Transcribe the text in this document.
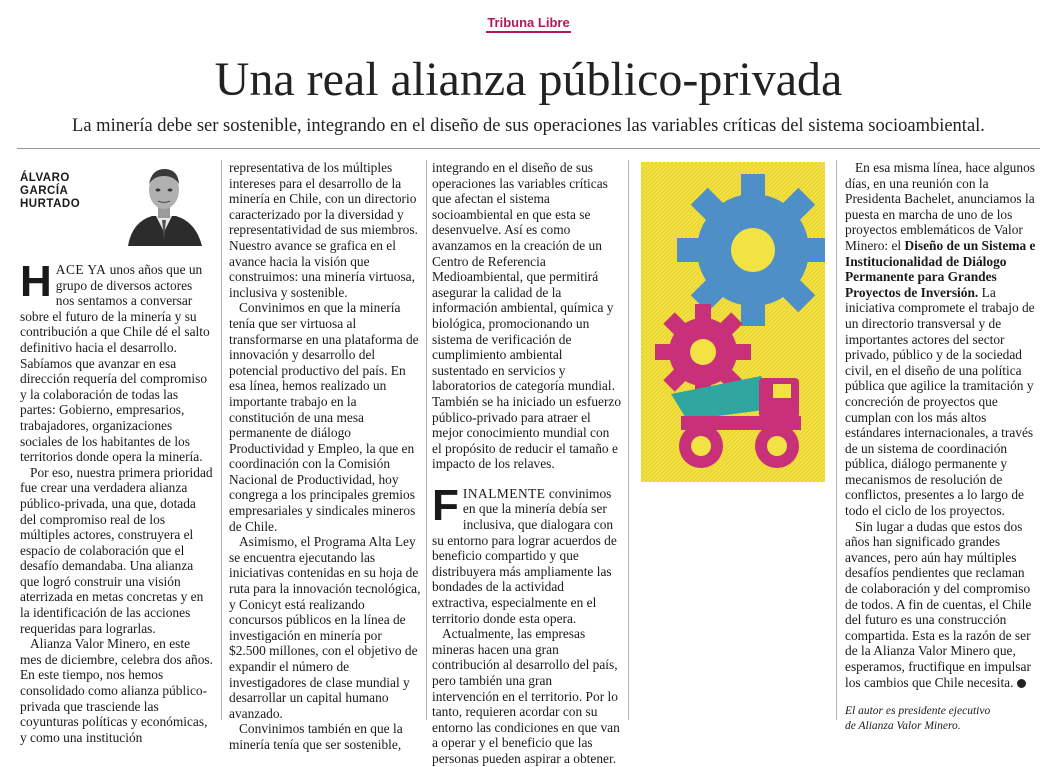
Tribuna Libre
Una real alianza público-privada
La minería debe ser sostenible, integrando en el diseño de sus operaciones las variables críticas del sistema socioambiental.
ÁLVARO
GARCÍA
HURTADO

HACE YA unos años que un grupo de diversos actores nos sentamos a conversar sobre el futuro de la minería y su contribución a que Chile dé el salto definitivo hacia el desarrollo. Sabíamos que avanzar en esa dirección requería del compromiso y la colaboración de todas las partes: Gobierno, empresarios, trabajadores, organizaciones sociales de los habitantes de los territorios donde opera la minería.

Por eso, nuestra primera prioridad fue crear una verdadera alianza público-privada, una que, dotada del compromiso real de los múltiples actores, construyera el espacio de colaboración que el desafío demandaba. Una alianza que logró construir una visión aterrizada en metas concretas y en la identificación de las acciones requeridas para lograrlas.

Alianza Valor Minero, en este mes de diciembre, celebra dos años. En este tiempo, nos hemos consolidado como alianza público-privada que trasciende las coyunturas políticas y económicas, y como una institución

representativa de los múltiples intereses para el desarrollo de la minería en Chile, con un directorio caracterizado por la diversidad y representatividad de sus miembros. Nuestro avance se grafica en el avance hacia la visión que construimos: una minería virtuosa, inclusiva y sostenible.

Convinimos en que la minería tenía que ser virtuosa al transformarse en una plataforma de innovación y desarrollo del potencial productivo del país. En esa línea, hemos realizado un importante trabajo en la constitución de una mesa permanente de diálogo Productividad y Empleo, la que en coordinación con la Comisión Nacional de Productividad, hoy congrega a los principales gremios empresariales y sindicales mineros de Chile.

Asimismo, el Programa Alta Ley se encuentra ejecutando las iniciativas contenidas en su hoja de ruta para la innovación tecnológica, y Conicyt está realizando concursos públicos en la línea de investigación en minería por $2.500 millones, con el objetivo de expandir el número de investigadores de clase mundial y desarrollar un capital humano avanzado.

Convinimos también en que la minería tenía que ser sostenible,

integrando en el diseño de sus operaciones las variables críticas que afectan el sistema socioambiental en que esta se desenvuelve. Así es como avanzamos en la creación de un Centro de Referencia Medioambiental, que permitirá asegurar la calidad de la información ambiental, química y biológica, promocionando un sistema de verificación de cumplimiento ambiental sustentado en servicios y laboratorios de categoría mundial. También se ha iniciado un esfuerzo público-privado para atraer el mejor conocimiento mundial con el propósito de reducir el tamaño e impacto de los relaves.

FINALMENTE convinimos en que la minería debía ser inclusiva, que dialogara con su entorno para lograr acuerdos de beneficio compartido y que distribuyera más ampliamente las bondades de la actividad extractiva, especialmente en el territorio donde esta opera.

Actualmente, las empresas mineras hacen una gran contribución al desarrollo del país, pero también una gran intervención en el territorio. Por lo tanto, requieren acordar con su entorno las condiciones en que van a operar y el beneficio que las personas pueden aspirar a obtener.

En esa misma línea, hace algunos días, en una reunión con la Presidenta Bachelet, anunciamos la puesta en marcha de uno de los proyectos emblemáticos de Valor Minero: el Diseño de un Sistema e Institucionalidad de Diálogo Permanente para Grandes Proyectos de Inversión. La iniciativa compromete el trabajo de un directorio transversal y de importantes actores del sector privado, público y de la sociedad civil, en el diseño de una política pública que agilice la tramitación y concreción de proyectos que cumplan con los más altos estándares internacionales, a través de un sistema de coordinación pública, diálogo permanente y mecanismos de resolución de conflictos, presentes a lo largo de todo el ciclo de los proyectos.

Sin lugar a dudas que estos dos años han significado grandes avances, pero aún hay múltiples desafíos pendientes que reclaman de colaboración y del compromiso de todos. A fin de cuentas, el Chile del futuro es una construcción compartida. Esta es la razón de ser de la Alianza Valor Minero que, esperamos, fructifique en impulsar los cambios que Chile necesita.

El autor es presidente ejecutivo
de Alianza Valor Minero.
